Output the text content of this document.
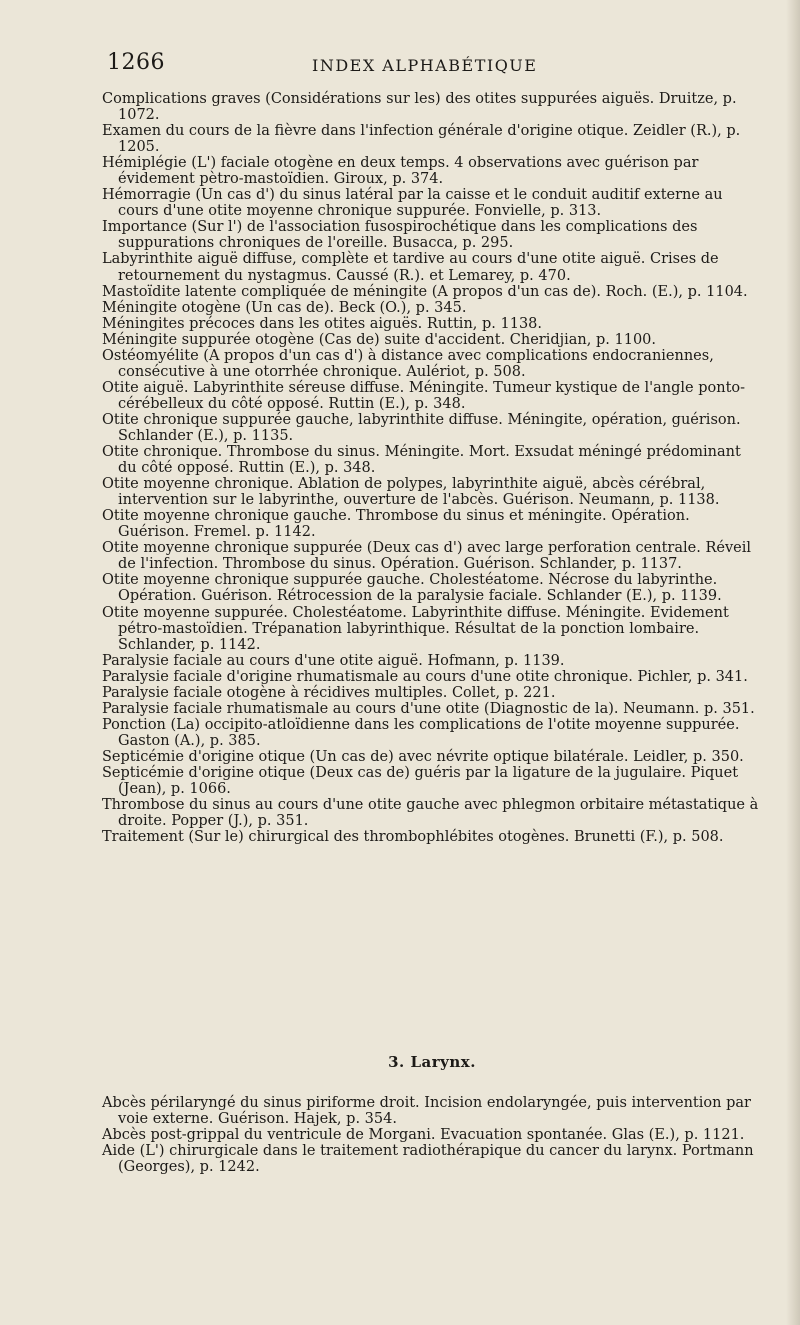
1266	INDEX ALPHABÉTIQUE

Complications graves (Considérations sur les) des otites suppurées aiguës. Druitze, p. 1072.

Examen du cours de la fièvre dans l'infection générale d'origine otique. Zeidler (R.), p. 1205.

Hémiplégie (L') faciale otogène en deux temps. 4 observations avec guérison par évidement pètro-mastoïdien. Giroux, p. 374.

Hémorragie (Un cas d') du sinus latéral par la caisse et le conduit auditif externe au cours d'une otite moyenne chronique suppurée. Fonvielle, p. 313.

Importance (Sur l') de l'association fusospirochétique dans les complications des suppurations chroniques de l'oreille. Busacca, p. 295.

Labyrinthite aiguë diffuse, complète et tardive au cours d'une otite aiguë. Crises de retournement du nystagmus. Caussé (R.). et Lemarey, p. 470.

Mastoïdite latente compliquée de méningite (A propos d'un cas de). Roch. (E.), p. 1104.

Méningite otogène (Un cas de). Beck (O.), p. 345.

Méningites précoces dans les otites aiguës. Ruttin, p. 1138.

Méningite suppurée otogène (Cas de) suite d'accident. Cheridjian, p. 1100.

Ostéomyélite (A propos d'un cas d') à distance avec complications endocraniennes, consécutive à une otorrhée chronique. Aulériot, p. 508.

Otite aiguë. Labyrinthite séreuse diffuse. Méningite. Tumeur kystique de l'angle ponto-cérébelleux du côté opposé. Ruttin (E.), p. 348.

Otite chronique suppurée gauche, labyrinthite diffuse. Méningite, opération, guérison. Schlander (E.), p. 1135.

Otite chronique. Thrombose du sinus. Méningite. Mort. Exsudat méningé prédominant du côté opposé. Ruttin (E.), p. 348.

Otite moyenne chronique. Ablation de polypes, labyrinthite aiguë, abcès cérébral, intervention sur le labyrinthe, ouverture de l'abcès. Guérison. Neumann, p. 1138.

Otite moyenne chronique gauche. Thrombose du sinus et méningite. Opération. Guérison. Fremel. p. 1142.

Otite moyenne chronique suppurée (Deux cas d') avec large perforation centrale. Réveil de l'infection. Thrombose du sinus. Opération. Guérison. Schlander, p. 1137.

Otite moyenne chronique suppurée gauche. Cholestéatome. Nécrose du labyrinthe. Opération. Guérison. Rétrocession de la paralysie faciale. Schlander (E.), p. 1139.

Otite moyenne suppurée. Cholestéatome. Labyrinthite diffuse. Méningite. Evidement pétro-mastoïdien. Trépanation labyrinthique. Résultat de la ponction lombaire. Schlander, p. 1142.

Paralysie faciale au cours d'une otite aiguë. Hofmann, p. 1139.

Paralysie faciale d'origine rhumatismale au cours d'une otite chronique. Pichler, p. 341.

Paralysie faciale otogène à récidives multiples. Collet, p. 221.

Paralysie faciale rhumatismale au cours d'une otite (Diagnostic de la). Neumann. p. 351.

Ponction (La) occipito-atloïdienne dans les complications de l'otite moyenne suppurée. Gaston (A.), p. 385.

Septicémie d'origine otique (Un cas de) avec névrite optique bilatérale. Leidler, p. 350.

Septicémie d'origine otique (Deux cas de) guéris par la ligature de la jugulaire. Piquet (Jean), p. 1066.

Thrombose du sinus au cours d'une otite gauche avec phlegmon orbitaire métastatique à droite. Popper (J.), p. 351.

Traitement (Sur le) chirurgical des thrombophlébites otogènes. Brunetti (F.), p. 508.

3. Larynx.

Abcès périlaryngé du sinus piriforme droit. Incision endolaryngée, puis intervention par voie externe. Guérison. Hajek, p. 354.

Abcès post-grippal du ventricule de Morgani. Evacuation spontanée. Glas (E.), p. 1121.

Aide (L') chirurgicale dans le traitement radiothérapique du cancer du larynx. Portmann (Georges), p. 1242.
